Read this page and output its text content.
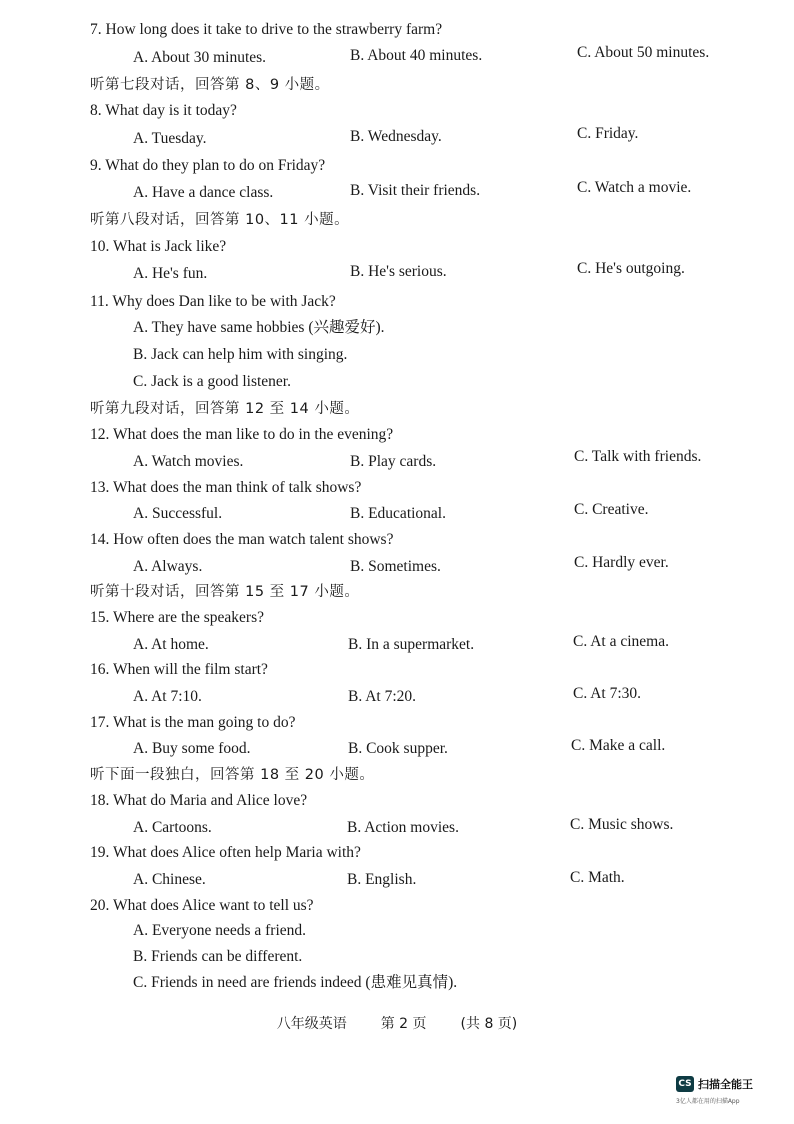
7. How long does it take to drive to the strawberry farm?
A. About 30 minutes.	B. About 40 minutes.	C. About 50 minutes.
听第七段对话，回答第 8、9 小题。
8. What day is it today?
A. Tuesday.	B. Wednesday.	C. Friday.
9. What do they plan to do on Friday?
A. Have a dance class.	B. Visit their friends.	C. Watch a movie.
听第八段对话，回答第 10、11 小题。
10. What is Jack like?
A. He's fun.	B. He's serious.	C. He's outgoing.
11. Why does Dan like to be with Jack?
A. They have same hobbies (兴趣爱好).
B. Jack can help him with singing.
C. Jack is a good listener.
听第九段对话，回答第 12 至 14 小题。
12. What does the man like to do in the evening?
A. Watch movies.	B. Play cards.	C. Talk with friends.
13. What does the man think of talk shows?
A. Successful.	B. Educational.	C. Creative.
14. How often does the man watch talent shows?
A. Always.	B. Sometimes.	C. Hardly ever.
听第十段对话，回答第 15 至 17 小题。
15. Where are the speakers?
A. At home.	B. In a supermarket.	C. At a cinema.
16. When will the film start?
A. At 7:10.	B. At 7:20.	C. At 7:30.
17. What is the man going to do?
A. Buy some food.	B. Cook supper.	C. Make a call.
听下面一段独白，回答第 18 至 20 小题。
18. What do Maria and Alice love?
A. Cartoons.	B. Action movies.	C. Music shows.
19. What does Alice often help Maria with?
A. Chinese.	B. English.	C. Math.
20. What does Alice want to tell us?
A. Everyone needs a friend.
B. Friends can be different.
C. Friends in need are friends indeed (患难见真情).
八年级英语 第 2 页 (共 8 页)
CS 扫描全能王
3亿人都在用的扫描App
